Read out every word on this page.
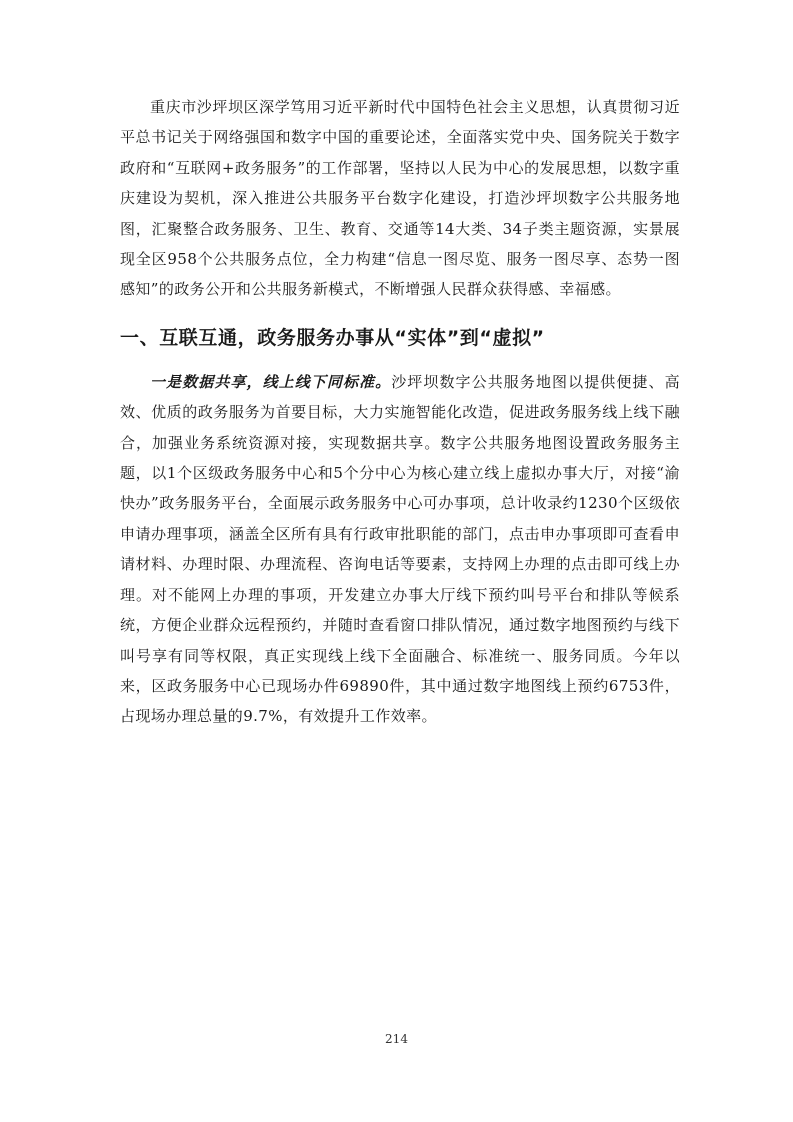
重庆市沙坪坝区深学笃用习近平新时代中国特色社会主义思想，认真贯彻习近平总书记关于网络强国和数字中国的重要论述，全面落实党中央、国务院关于数字政府和“互联网+政务服务”的工作部署，坚持以人民为中心的发展思想，以数字重庆建设为契机，深入推进公共服务平台数字化建设，打造沙坪坝数字公共服务地图，汇聚整合政务服务、卫生、教育、交通等14大类、34子类主题资源，实景展现全区958个公共服务点位，全力构建“信息一图尽览、服务一图尽享、态势一图感知”的政务公开和公共服务新模式，不断增强人民群众获得感、幸福感。

一、互联互通，政务服务办事从“实体”到“虚拟”

一是数据共享，线上线下同标准。沙坪坝数字公共服务地图以提供便捷、高效、优质的政务服务为首要目标，大力实施智能化改造，促进政务服务线上线下融合，加强业务系统资源对接，实现数据共享。数字公共服务地图设置政务服务主题，以1个区级政务服务中心和5个分中心为核心建立线上虚拟办事大厅，对接“渝快办”政务服务平台，全面展示政务服务中心可办事项，总计收录约1230个区级依申请办理事项，涵盖全区所有具有行政审批职能的部门，点击申办事项即可查看申请材料、办理时限、办理流程、咨询电话等要素，支持网上办理的点击即可线上办理。对不能网上办理的事项，开发建立办事大厅线下预约叫号平台和排队等候系统，方便企业群众远程预约，并随时查看窗口排队情况，通过数字地图预约与线下叫号享有同等权限，真正实现线上线下全面融合、标准统一、服务同质。今年以来，区政务服务中心已现场办件69890件，其中通过数字地图线上预约6753件，占现场办理总量的9.7%，有效提升工作效率。

214
